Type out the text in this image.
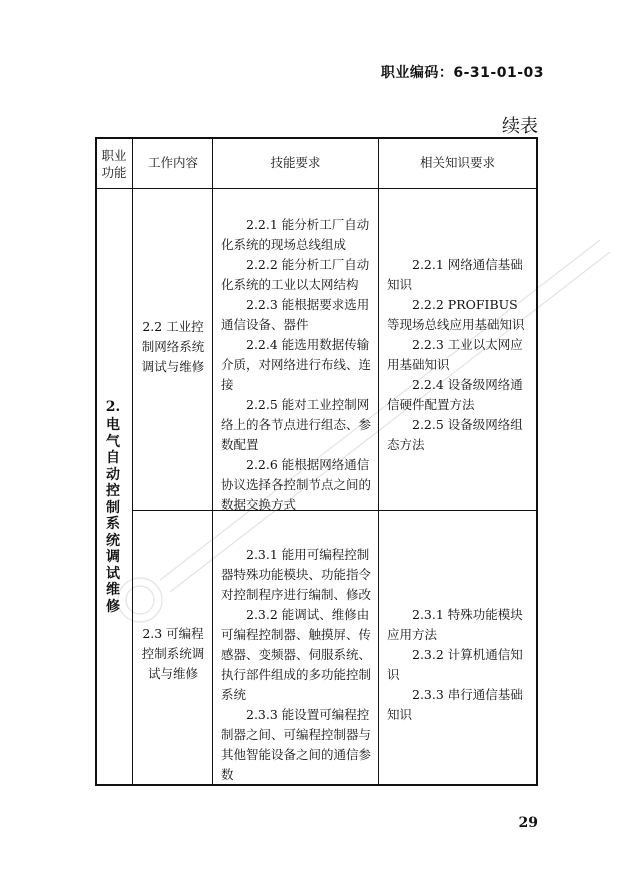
职业编码：6-31-01-03
续表
职业功能
工作内容	技能要求	相关知识要求
2.
电气自动控制系统调试维修
2.2 工业控制网络系统调试与维修

2.2.1 能分析工厂自动化系统的现场总线组成

2.2.2 能分析工厂自动化系统的工业以太网结构

2.2.3 能根据要求选用通信设备、器件

2.2.4 能选用数据传输介质，对网络进行布线、连接

2.2.5 能对工业控制网络上的各节点进行组态、参数配置

2.2.6 能根据网络通信协议选择各控制节点之间的数据交换方式

2.2.1 网络通信基础知识

2.2.2 PROFIBUS 等现场总线应用基础知识

2.2.3 工业以太网应用基础知识

2.2.4 设备级网络通信硬件配置方法

2.2.5 设备级网络组态方法

2.3 可编程控制系统调试与维修

2.3.1 能用可编程控制器特殊功能模块、功能指令对控制程序进行编制、修改

2.3.2 能调试、维修由可编程控制器、触摸屏、传感器、变频器、伺服系统、执行部件组成的多功能控制系统

2.3.3 能设置可编程控制器之间、可编程控制器与其他智能设备之间的通信参数

2.3.1 特殊功能模块应用方法

2.3.2 计算机通信知识

2.3.3 串行通信基础知识

29
